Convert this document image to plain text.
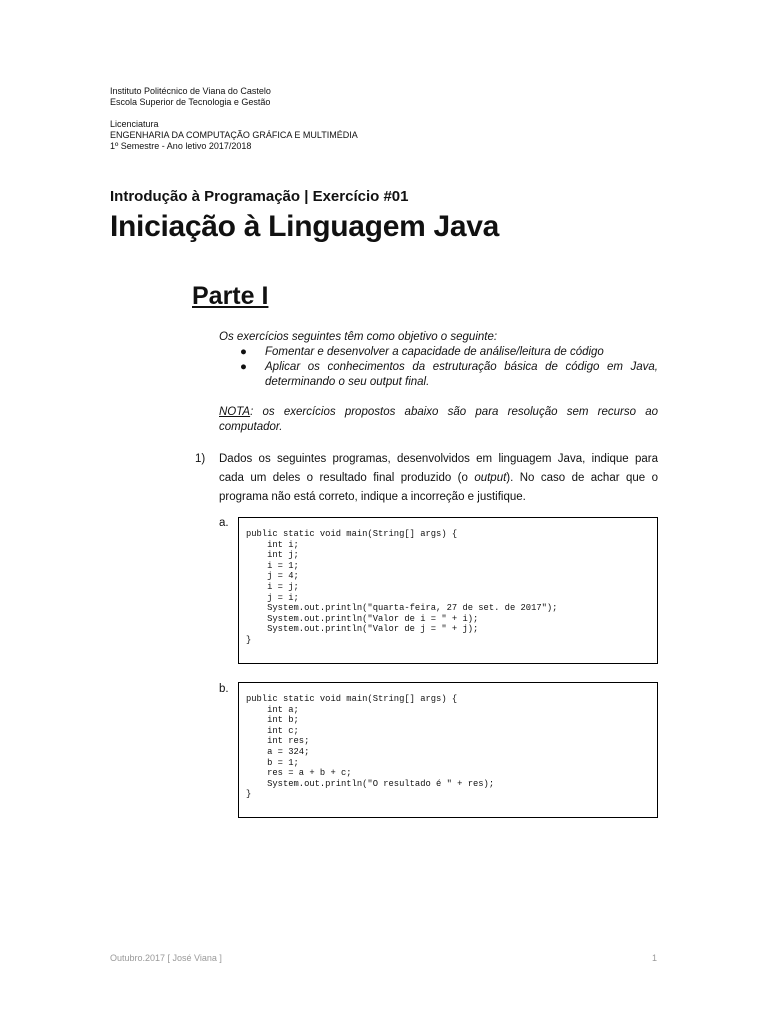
Instituto Politécnico de Viana do Castelo
Escola Superior de Tecnologia e Gestão
Licenciatura
ENGENHARIA DA COMPUTAÇÃO GRÁFICA E MULTIMÉDIA
1º Semestre - Ano letivo 2017/2018
Introdução à Programação | Exercício #01
Iniciação à Linguagem Java
Parte I
Os exercícios seguintes têm como objetivo o seguinte:
● Fomentar e desenvolver a capacidade de análise/leitura de código
● Aplicar os conhecimentos da estruturação básica de código em Java, determinando o seu output final.
NOTA: os exercícios propostos abaixo são para resolução sem recurso ao computador.
1) Dados os seguintes programas, desenvolvidos em linguagem Java, indique para cada um deles o resultado final produzido (o output). No caso de achar que o programa não está correto, indique a incorreção e justifique.
a.
public static void main(String[] args) {
int i;
int j;
i = 1;
j = 4;
i = j;
j = i;
System.out.println("quarta-feira, 27 de set. de 2017");
System.out.println("Valor de i = " + i);
System.out.println("Valor de j = " + j);
}
b.
public static void main(String[] args) {
int a;
int b;
int c;
int res;
a = 324;
b = 1;
res = a + b + c;
System.out.println("O resultado é " + res);
}
Outubro.2017 [ José Viana ]	1
